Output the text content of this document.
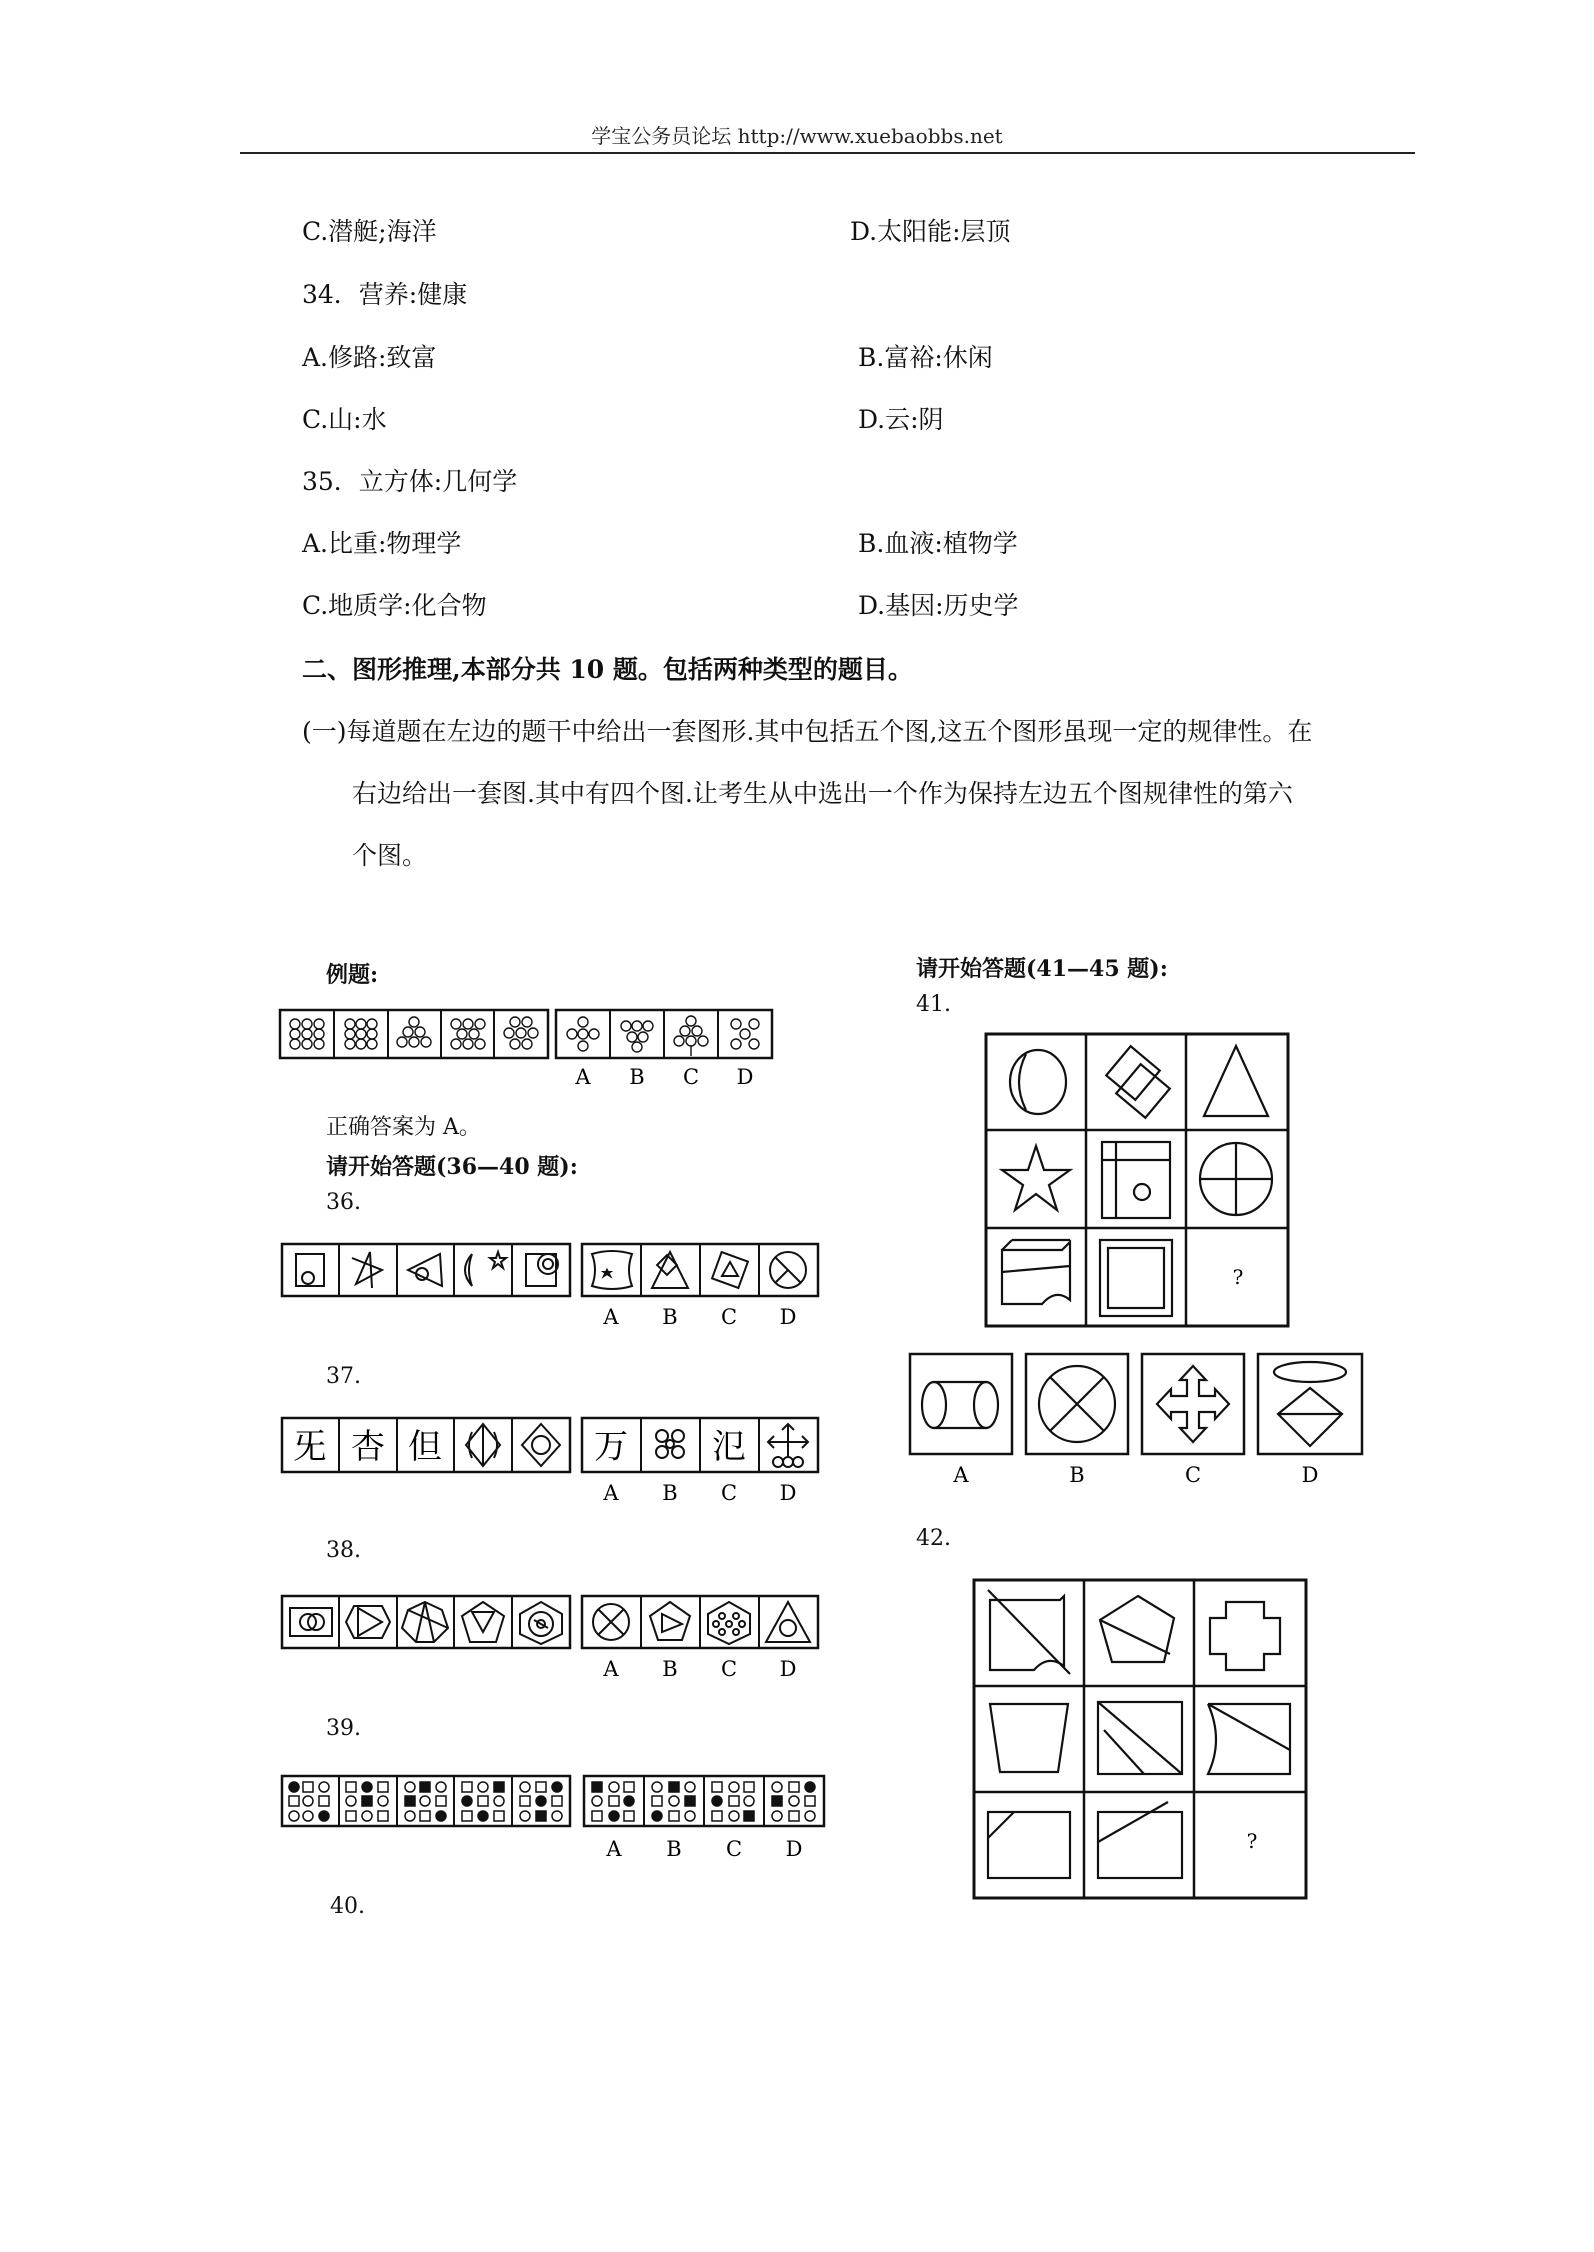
学宝公务员论坛 http://www.xuebaobbs.net
C.潜艇;海洋	D.太阳能:层顶
34．营养:健康
A.修路:致富	B.富裕:休闲
C.山:水	D.云:阴
35．立方体:几何学
A.比重:物理学	B.血液:植物学
C.地质学:化合物	D.基因:历史学
二、图形推理,本部分共 10 题。包括两种类型的题目。
(一)每道题在左边的题干中给出一套图形.其中包括五个图,这五个图形虽现一定的规律性。在
右边给出一套图.其中有四个图.让考生从中选出一个作为保持左边五个图规律性的第六
个图。
例题:
A B C D
正确答案为 A。
请开始答题(36—40 题):
36.
A B C D
37.
旡 杏 但	万 氾
A B C D
38.
A B C D
39.
A B C D
40.
请开始答题(41—45 题):
41.
?
A	B	C	D
42.
?
